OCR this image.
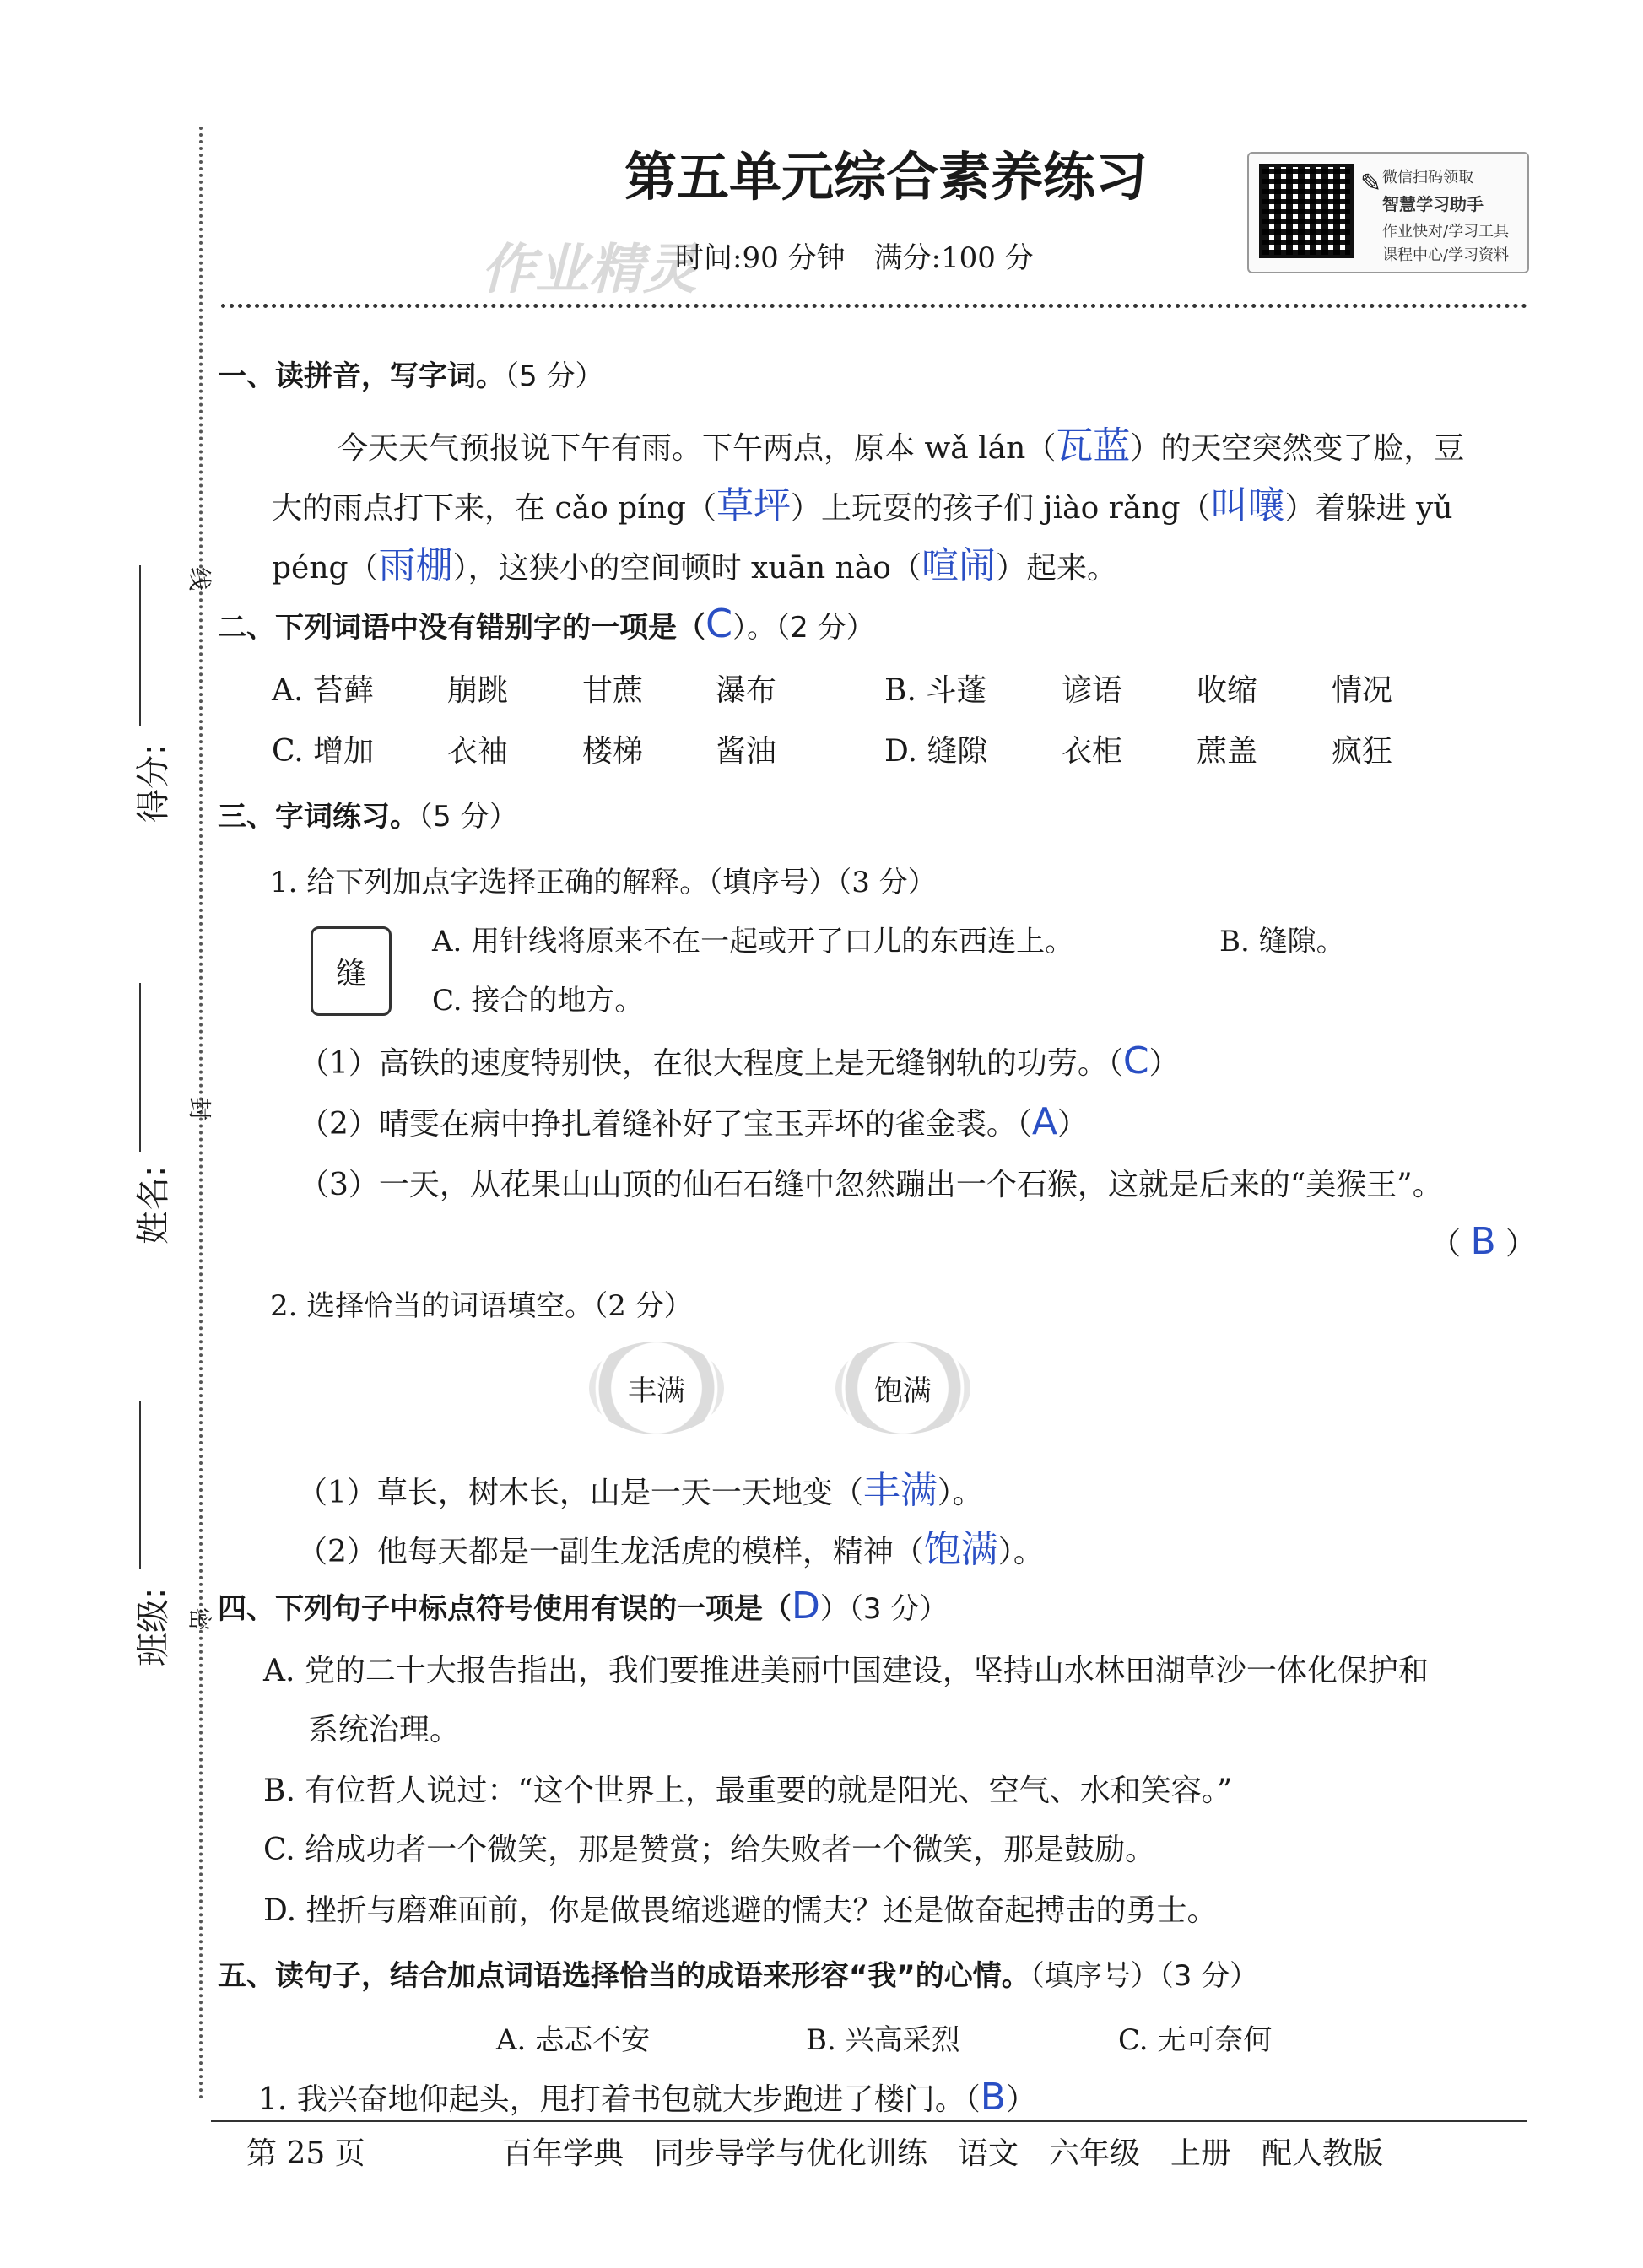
得分:
姓名:
班级:
线
封
密
第五单元综合素养练习
作业精灵
时间:90 分钟　满分:100 分
✎ 微信扫码领取
智慧学习助手
作业快对/学习工具
课程中心/学习资料
一、读拼音，写字词。（5 分）
今天天气预报说下午有雨。下午两点，原本 wǎ lán（瓦蓝）的天空突然变了脸，豆
大的雨点打下来，在 cǎo píng（草坪）上玩耍的孩子们 jiào rǎng（叫嚷）着躲进 yǔ
péng（雨棚），这狭小的空间顿时 xuān nào（喧闹）起来。
二、下列词语中没有错别字的一项是（C）。（2 分）
A. 苔藓 崩跳 甘蔗 瀑布	B. 斗蓬 谚语 收缩 情况
C. 增加 衣袖 楼梯 酱油	D. 缝隙 衣柜 蔗盖 疯狂
三、字词练习。（5 分）
1. 给下列加点字选择正确的解释。（填序号）（3 分）
缝
A. 用针线将原来不在一起或开了口儿的东西连上。	B. 缝隙。
C. 接合的地方。
（1）高铁的速度特别快，在很大程度上是无缝钢轨的功劳。（C）
（2）晴雯在病中挣扎着缝补好了宝玉弄坏的雀金裘。（A）
（3）一天，从花果山山顶的仙石石缝中忽然蹦出一个石猴，这就是后来的“美猴王”。
（ B ）
2. 选择恰当的词语填空。（2 分）
丰满	饱满
（1）草长，树木长，山是一天一天地变（丰满）。
（2）他每天都是一副生龙活虎的模样，精神（饱满）。
四、下列句子中标点符号使用有误的一项是（D）（3 分）
A. 党的二十大报告指出，我们要推进美丽中国建设，坚持山水林田湖草沙一体化保护和
系统治理。
B. 有位哲人说过：“这个世界上，最重要的就是阳光、空气、水和笑容。”
C. 给成功者一个微笑，那是赞赏；给失败者一个微笑，那是鼓励。
D. 挫折与磨难面前，你是做畏缩逃避的懦夫？还是做奋起搏击的勇士。
五、读句子，结合加点词语选择恰当的成语来形容“我”的心情。（填序号）（3 分）
A. 忐忑不安	B. 兴高采烈	C. 无可奈何
1. 我兴奋地仰起头，甩打着书包就大步跑进了楼门。（B）
第 25 页	百年学典　同步导学与优化训练　语文　六年级　上册　配人教版
